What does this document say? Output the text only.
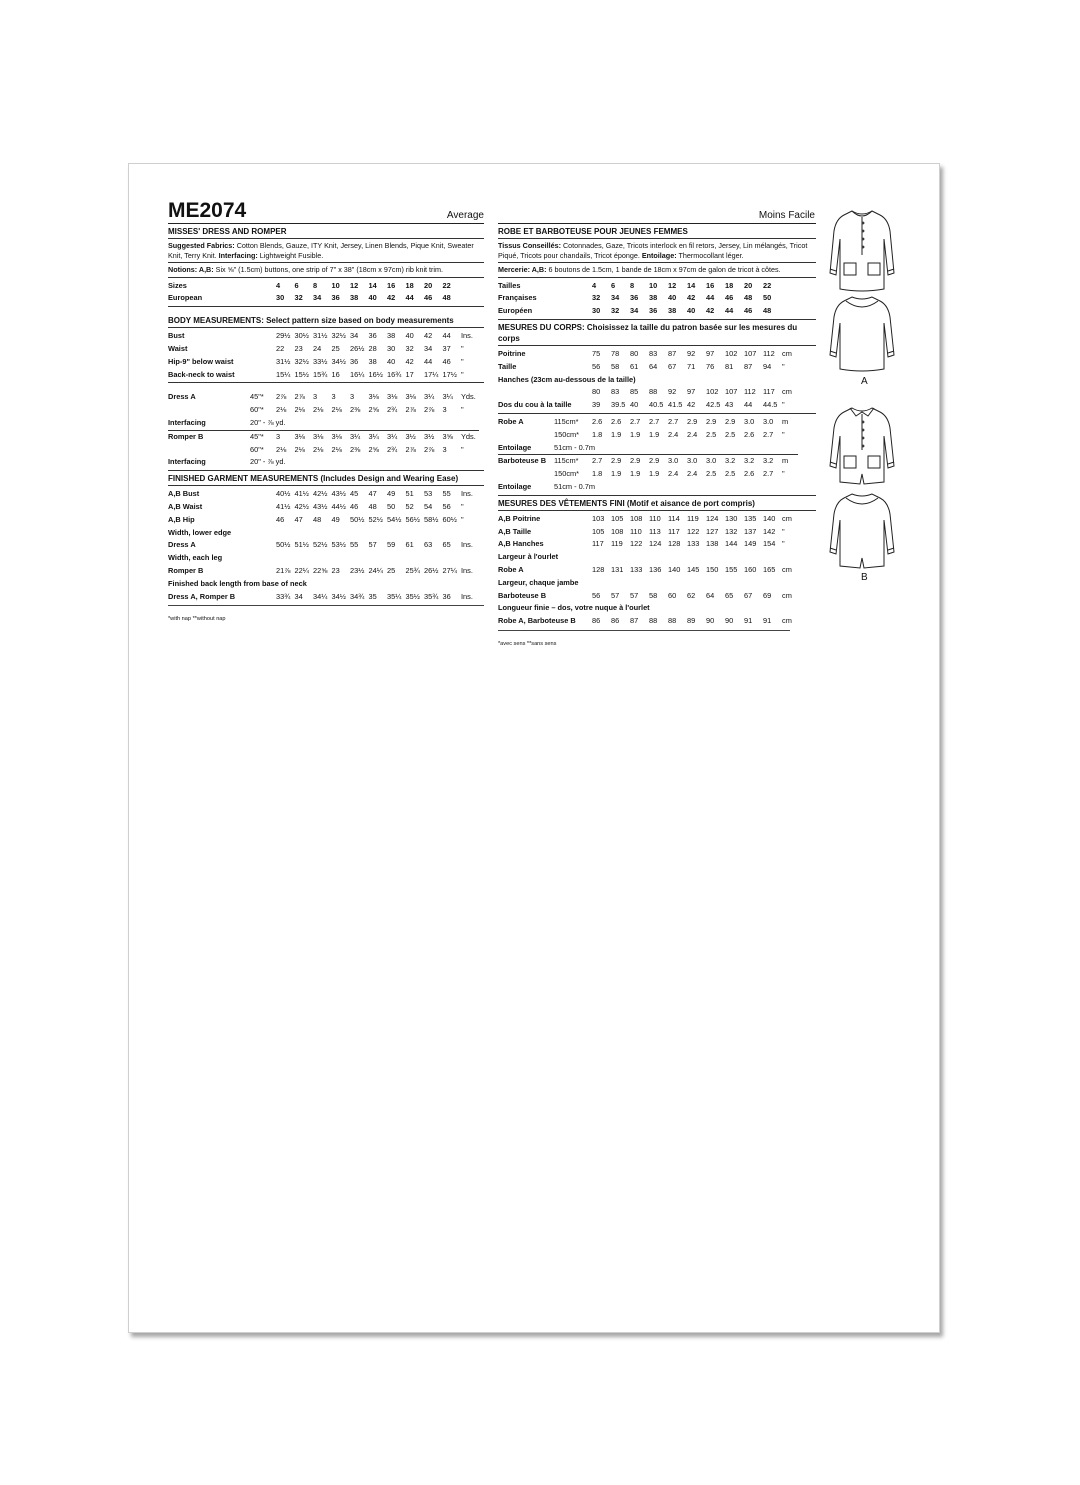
ME2074	Average	Moins Facile
MISSES' DRESS AND ROMPER
Suggested Fabrics: Cotton Blends, Gauze, ITY Knit, Jersey, Linen Blends, Pique Knit, Sweater Knit, Terry Knit. Interfacing: Lightweight Fusible.
Notions: A,B: Six ⅝" (1.5cm) buttons, one strip of 7" x 38" (18cm x 97cm) rib knit trim.
Sizes		4	6	8	10	12	14	16	18	20	22	
European		30	32	34	36	38	40	42	44	46	48	
BODY MEASUREMENTS: Select pattern size based on body measurements
Bust		29½	30½	31½	32½	34	36	38	40	42	44	Ins.
Waist		22	23	24	25	26½	28	30	32	34	37	"
Hip-9" below waist		31½	32½	33½	34½	36	38	40	42	44	46	"
Back-neck to waist		15¼	15½	15¾	16	16¼	16½	16¾	17	17¼	17½	"
Dress A	45"*	2⅞	2⅞	3	3	3	3⅛	3⅛	3⅛	3¼	3¼	Yds.
	60"*	2⅛	2⅛	2⅛	2⅛	2⅜	2⅝	2¾	2⅞	2⅞	3	"
Interfacing	20" - ⅞ yd.											
Romper B	45"*	3	3⅛	3⅛	3⅛	3¼	3¼	3¼	3½	3½	3⅝	Yds.
	60"*	2⅛	2⅛	2⅛	2⅛	2⅜	2⅝	2¾	2⅞	2⅞	3	"
Interfacing	20" - ⅞ yd.											
FINISHED GARMENT MEASUREMENTS (Includes Design and Wearing Ease)
A,B Bust		40½	41½	42½	43½	45	47	49	51	53	55	Ins.
A,B Waist		41½	42½	43½	44½	46	48	50	52	54	56	"
A,B Hip		46	47	48	49	50½	52½	54½	56½	58½	60½	"
Width, lower edge												
Dress A		50½	51½	52½	53½	55	57	59	61	63	65	Ins.
Width, each leg												
Romper B		21⅞	22¼	22⅝	23	23½	24¼	25	25¾	26½	27¼	Ins.
Finished back length from base of neck												
Dress A, Romper B		33¾	34	34¼	34½	34¾	35	35¼	35½	35¾	36	Ins.
*with nap **without nap
ROBE ET BARBOTEUSE POUR JEUNES FEMMES
Tissus Conseillés: Cotonnades, Gaze, Tricots interlock en fil retors, Jersey, Lin mélangés, Tricot Piqué, Tricots pour chandails, Tricot éponge. Entoilage: Thermocollant léger.
Mercerie: A,B: 6 boutons de 1.5cm, 1 bande de 18cm x 97cm de galon de tricot à côtes.
Tailles		4	6	8	10	12	14	16	18	20	22	
Françaises		32	34	36	38	40	42	44	46	48	50	
Européen		30	32	34	36	38	40	42	44	46	48	
MESURES DU CORPS: Choisissez la taille du patron basée sur les mesures du corps
Poitrine		75	78	80	83	87	92	97	102	107	112	cm
Taille		56	58	61	64	67	71	76	81	87	94	"
Hanches (23cm au-dessous de la taille)												
		80	83	85	88	92	97	102	107	112	117	cm
Dos du cou à la taille		39	39.5	40	40.5	41.5	42	42.5	43	44	44.5	"
Robe A	115cm*	2.6	2.6	2.7	2.7	2.7	2.9	2.9	2.9	3.0	3.0	m
	150cm*	1.8	1.9	1.9	1.9	2.4	2.4	2.5	2.5	2.6	2.7	"
Entoilage	51cm - 0.7m											
Barboteuse B	115cm*	2.7	2.9	2.9	2.9	3.0	3.0	3.0	3.2	3.2	3.2	m
	150cm*	1.8	1.9	1.9	1.9	2.4	2.4	2.5	2.5	2.6	2.7	"
Entoilage	51cm - 0.7m											
MESURES DES VÊTEMENTS FINI (Motif et aisance de port compris)
A,B Poitrine		103	105	108	110	114	119	124	130	135	140	cm
A,B Taille		105	108	110	113	117	122	127	132	137	142	"
A,B Hanches		117	119	122	124	128	133	138	144	149	154	"
Largeur à l'ourlet												
Robe A		128	131	133	136	140	145	150	155	160	165	cm
Largeur, chaque jambe												
Barboteuse B		56	57	57	58	60	62	64	65	67	69	cm
Longueur finie – dos, votre nuque à l'ourlet												
Robe A, Barboteuse B		86	86	87	88	88	89	90	90	91	91	cm
*avec sens **sans sens
A
B
